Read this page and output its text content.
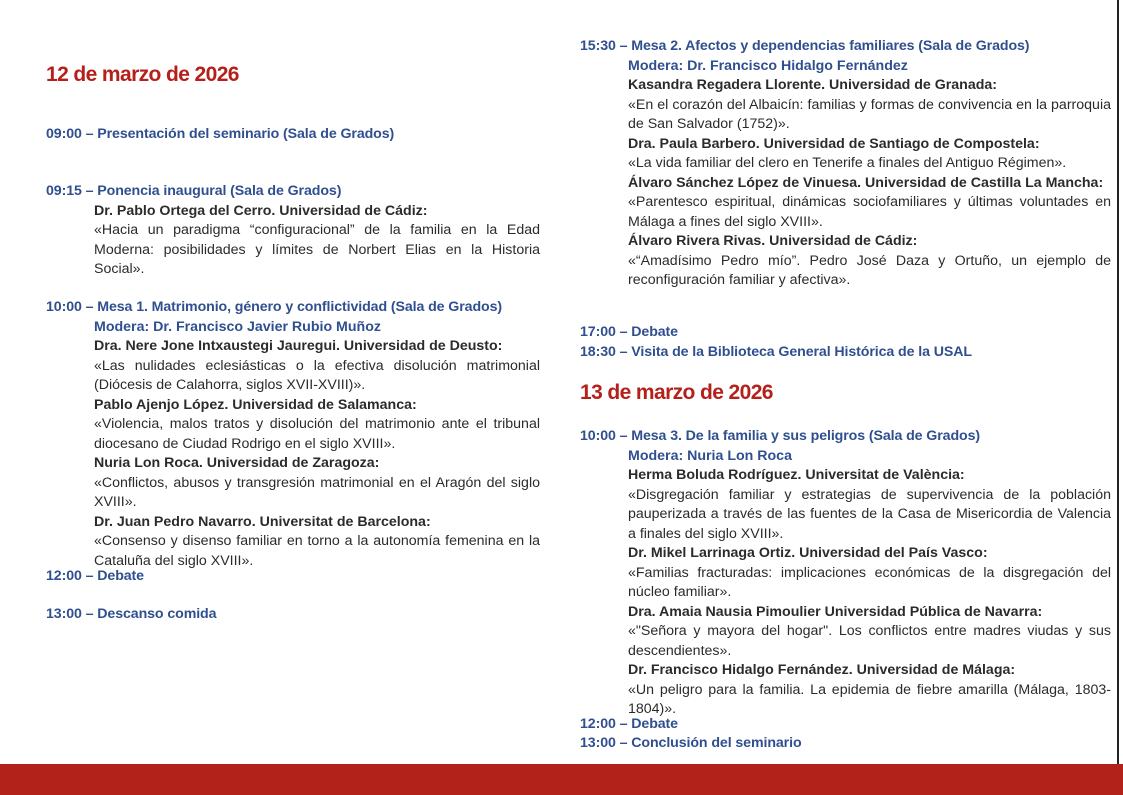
12 de marzo de 2026
09:00 – Presentación del seminario (Sala de Grados)
09:15 – Ponencia inaugural (Sala de Grados)
Dr. Pablo Ortega del Cerro. Universidad de Cádiz:
«Hacia un paradigma “configuracional” de la familia en la Edad Moderna: posibilidades y límites de Norbert Elias en la Historia Social».
10:00 – Mesa 1. Matrimonio, género y conflictividad (Sala de Grados)
Modera: Dr. Francisco Javier Rubio Muñoz
Dra. Nere Jone Intxaustegi Jauregui. Universidad de Deusto:
«Las nulidades eclesiásticas o la efectiva disolución matrimonial (Diócesis de Calahorra, siglos XVII-XVIII)».
Pablo Ajenjo López. Universidad de Salamanca:
«Violencia, malos tratos y disolución del matrimonio ante el tribunal diocesano de Ciudad Rodrigo en el siglo XVIII».
Nuria Lon Roca. Universidad de Zaragoza:
«Conflictos, abusos y transgresión matrimonial en el Aragón del siglo XVIII».
Dr. Juan Pedro Navarro. Universitat de Barcelona:
«Consenso y disenso familiar en torno a la autonomía femenina en la Cataluña del siglo XVIII».
12:00 – Debate
13:00 – Descanso comida
15:30 – Mesa 2. Afectos y dependencias familiares (Sala de Grados)
Modera: Dr. Francisco Hidalgo Fernández
Kasandra Regadera Llorente. Universidad de Granada:
«En el corazón del Albaicín: familias y formas de convivencia en la parroquia de San Salvador (1752)».
Dra. Paula Barbero. Universidad de Santiago de Compostela:
«La vida familiar del clero en Tenerife a finales del Antiguo Régimen».
Álvaro Sánchez López de Vinuesa. Universidad de Castilla La Mancha:
«Parentesco espiritual, dinámicas sociofamiliares y últimas voluntades en Málaga a fines del siglo XVIII».
Álvaro Rivera Rivas. Universidad de Cádiz:
«“Amadísimo Pedro mío”. Pedro José Daza y Ortuño, un ejemplo de reconfiguración familiar y afectiva».
17:00 – Debate
18:30 – Visita de la Biblioteca General Histórica de la USAL
13 de marzo de 2026
10:00 – Mesa 3. De la familia y sus peligros (Sala de Grados)
Modera: Nuria Lon Roca
Herma Boluda Rodríguez. Universitat de València:
«Disgregación familiar y estrategias de supervivencia de la población pauperizada a través de las fuentes de la Casa de Misericordia de Valencia a finales del siglo XVIII».
Dr. Mikel Larrinaga Ortiz. Universidad del País Vasco:
«Familias fracturadas: implicaciones económicas de la disgregación del núcleo familiar».
Dra. Amaia Nausia Pimoulier Universidad Pública de Navarra:
«"Señora y mayora del hogar". Los conflictos entre madres viudas y sus descendientes».
Dr. Francisco Hidalgo Fernández. Universidad de Málaga:
«Un peligro para la familia. La epidemia de fiebre amarilla (Málaga, 1803-1804)».
12:00 – Debate
13:00 – Conclusión del seminario
